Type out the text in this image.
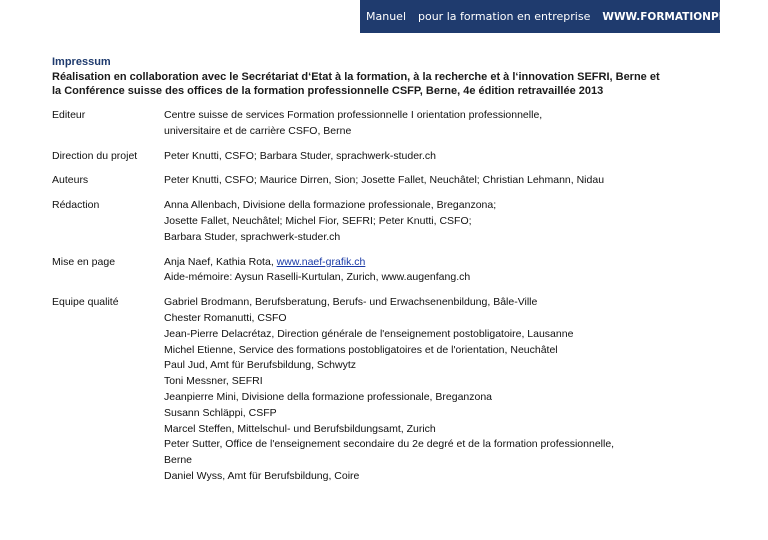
Manuel	pour la formation en entreprise	WWW.FORMATIONPROF.CH
Impressum
Réalisation en collaboration avec le Secrétariat d‘Etat à la formation, à la recherche et à l‘innovation SEFRI, Berne et
la Conférence suisse des offices de la formation professionnelle CSFP, Berne, 4e édition retravaillée 2013
Editeur	Centre suisse de services Formation professionnelle I orientation professionnelle,
universitaire et de carrière CSFO, Berne
Direction du projet	Peter Knutti, CSFO; Barbara Studer, sprachwerk-studer.ch
Auteurs	Peter Knutti, CSFO; Maurice Dirren, Sion; Josette Fallet, Neuchâtel; Christian Lehmann, Nidau
Rédaction	Anna Allenbach, Divisione della formazione professionale, Breganzona;
Josette Fallet, Neuchâtel; Michel Fior, SEFRI; Peter Knutti, CSFO;
Barbara Studer, sprachwerk-studer.ch
Mise en page	Anja Naef, Kathia Rota, www.naef-grafik.ch
Aide-mémoire: Aysun Raselli-Kurtulan, Zurich, www.augenfang.ch
Equipe qualité	Gabriel Brodmann, Berufsberatung, Berufs- und Erwachsenenbildung, Bâle-Ville
Chester Romanutti, CSFO
Jean-Pierre Delacrétaz, Direction générale de l'enseignement postobligatoire, Lausanne
Michel Etienne, Service des formations postobligatoires et de l'orientation, Neuchâtel
Paul Jud, Amt für Berufsbildung, Schwytz
Toni Messner, SEFRI
Jeanpierre Mini, Divisione della formazione professionale, Breganzona
Susann Schläppi, CSFP
Marcel Steffen, Mittelschul- und Berufsbildungsamt, Zurich
Peter Sutter, Office de l'enseignement secondaire du 2e degré et de la formation professionnelle,
Berne
Daniel Wyss, Amt für Berufsbildung, Coire
